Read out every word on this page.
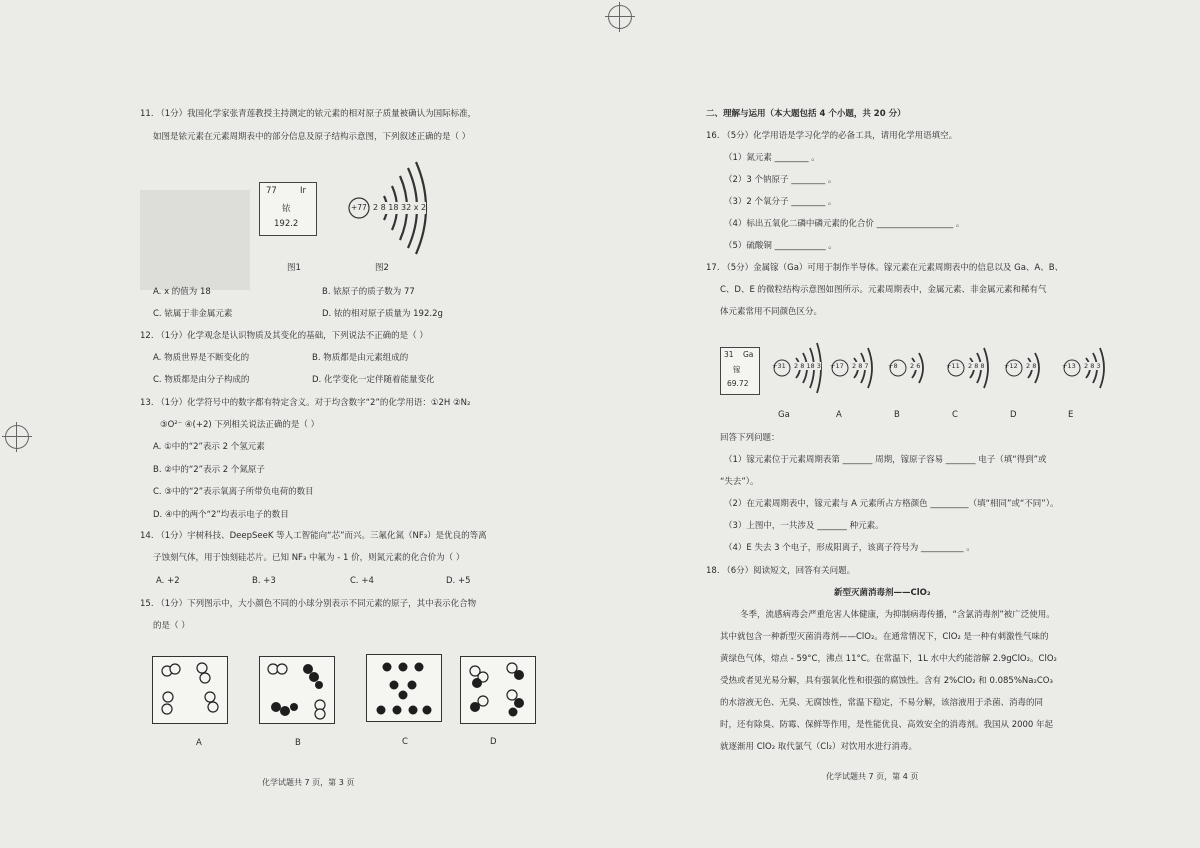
11. （1分）我国化学家张青莲教授主持测定的铱元素的相对原子质量被确认为国际标准，
如图是铱元素在元素周期表中的部分信息及原子结构示意图，下列叙述正确的是（ ）
77	Ir
铱
192.2
+77 2 8 18 32 x 2
图1	图2
A. x 的值为 18	B. 铱原子的质子数为 77
C. 铱属于非金属元素	D. 铱的相对原子质量为 192.2g
12. （1分）化学观念是认识物质及其变化的基础，下列说法不正确的是（ ）
A. 物质世界是不断变化的	B. 物质都是由元素组成的
C. 物质都是由分子构成的	D. 化学变化一定伴随着能量变化
13. （1分）化学符号中的数字都有特定含义。对于均含数字“2”的化学用语：①2H ②N₂
③O²⁻ ④(+2) 下列相关说法正确的是（ ）
A. ①中的“2”表示 2 个氢元素
B. ②中的“2”表示 2 个氮原子
C. ③中的“2”表示氧离子所带负电荷的数目
D. ④中的两个“2”均表示电子的数目
14. （1分）宇树科技、DeepSeeK 等人工智能向“芯”而兴。三氟化氮（NF₃）是优良的等离
子蚀刻气体，用于蚀刻硅芯片。已知 NF₃ 中氟为 - 1 价，则氮元素的化合价为（ ）
A. +2	B. +3	C. +4	D. +5
15. （1分）下列图示中，大小颜色不同的小球分别表示不同元素的原子，其中表示化合物
的是（ ）
A	B	C	D
化学试题共 7 页，第 3 页
二、理解与运用（本大题包括 4 个小题，共 20 分）
16. （5分）化学用语是学习化学的必备工具，请用化学用语填空。
（1）氮元素 ________ 。
（2）3 个钠原子 ________ 。
（3）2 个氧分子 ________ 。
（4）标出五氧化二磷中磷元素的化合价 __________________ 。
（5）硫酸铜 ____________ 。
17. （5分）金属镓（Ga）可用于制作半导体。镓元素在元素周期表中的信息以及 Ga、A、B、
C、D、E 的微粒结构示意图如图所示。元素周期表中，金属元素、非金属元素和稀有气
体元素常用不同颜色区分。
31 Ga
镓
69.72
+31 2 8 18 3
Ga
+17 2 8 7
A
+8 2 6
B
+11 2 8 8
C
+12 2 8
D
+13 2 8 3
E
回答下列问题：
（1）镓元素位于元素周期表第 _______ 周期，镓原子容易 _______ 电子（填“得到”或
“失去”）。
（2）在元素周期表中，镓元素与 A 元素所占方格颜色 _________（填“相同”或“不同”）。
（3）上图中，一共涉及 _______ 种元素。
（4）E 失去 3 个电子，形成阳离子，该离子符号为 __________ 。
18. （6分）阅读短文，回答有关问题。
新型灭菌消毒剂——ClO₂
冬季，流感病毒会严重危害人体健康，为抑制病毒传播，“含氯消毒剂”被广泛使用。
其中就包含一种新型灭菌消毒剂——ClO₂。在通常情况下，ClO₂ 是一种有刺激性气味的
黄绿色气体，熔点 - 59°C，沸点 11°C。在常温下，1L 水中大约能溶解 2.9gClO₂。ClO₂
受热或者见光易分解，具有强氧化性和很强的腐蚀性。含有 2%ClO₂ 和 0.085%Na₂CO₃
的水溶液无色、无臭、无腐蚀性，常温下稳定，不易分解，该溶液用于杀菌、消毒的同
时，还有除臭、防霉、保鲜等作用，是性能优良、高效安全的消毒剂。我国从 2000 年起
就逐渐用 ClO₂ 取代氯气（Cl₂）对饮用水进行消毒。
化学试题共 7 页，第 4 页
